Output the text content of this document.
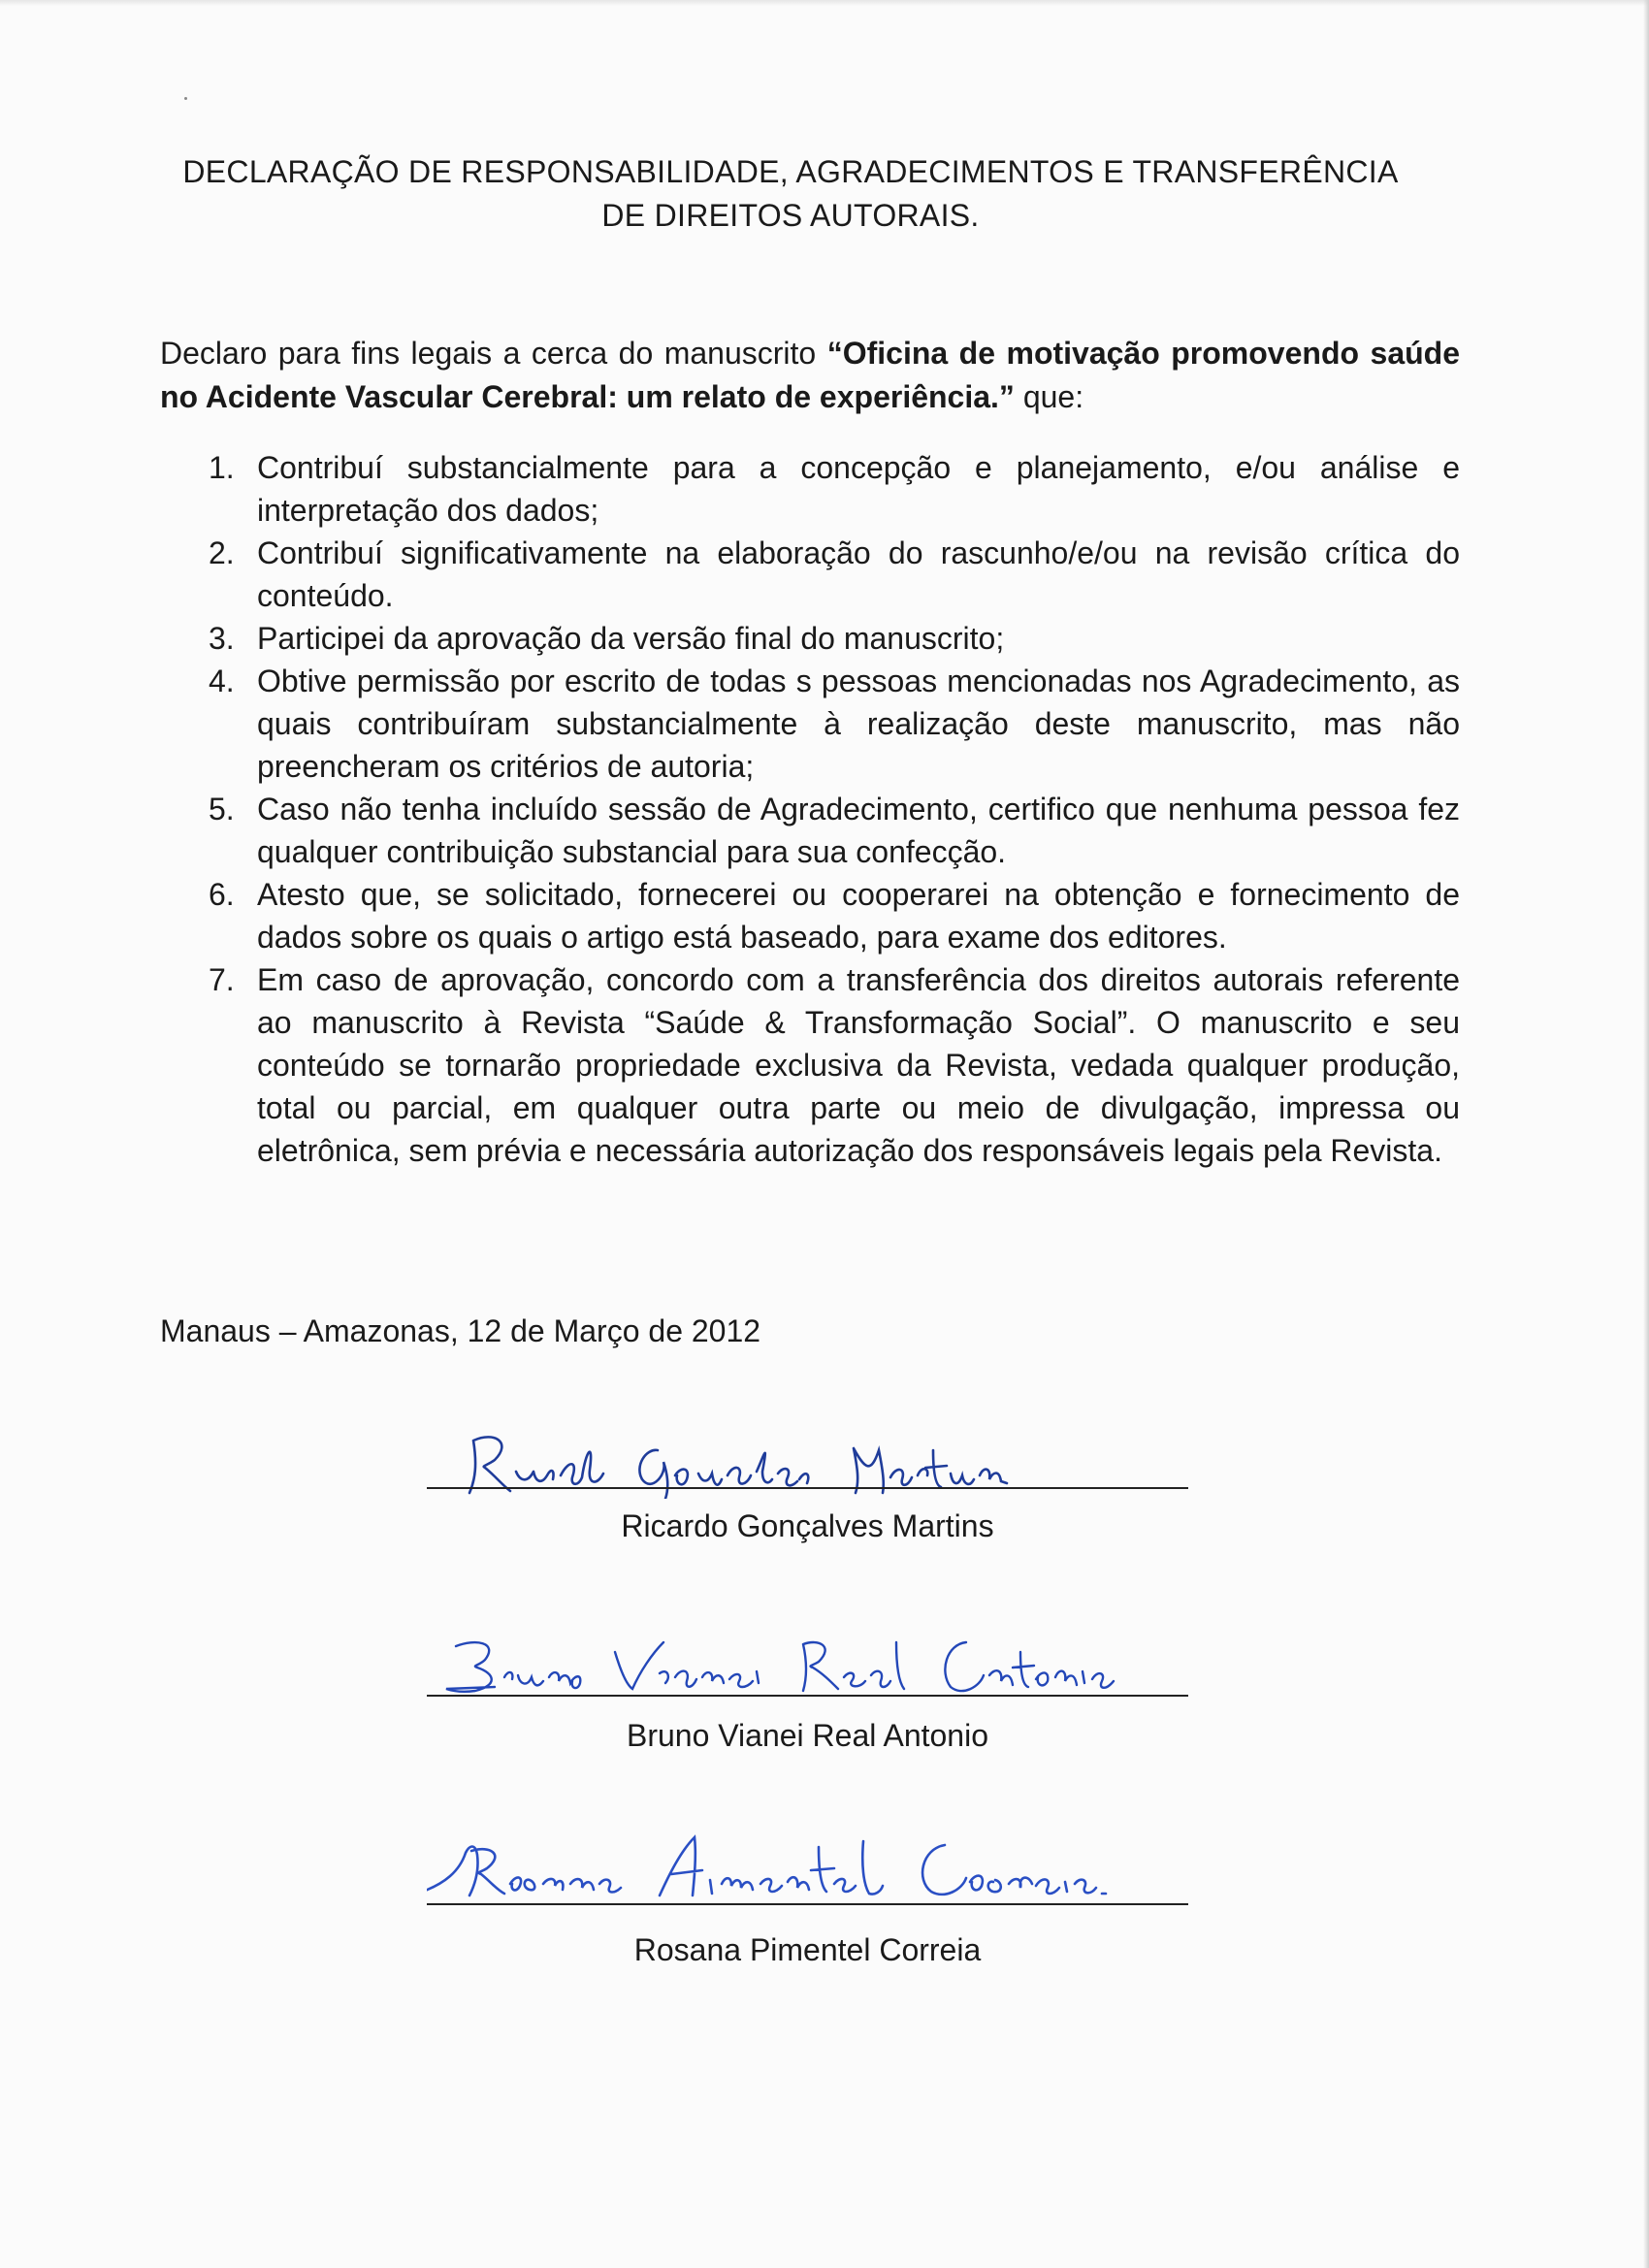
DECLARAÇÃO DE RESPONSABILIDADE, AGRADECIMENTOS E TRANSFERÊNCIA
DE DIREITOS AUTORAIS.
Declaro para fins legais a cerca do manuscrito “Oficina de motivação promovendo saúde no Acidente Vascular Cerebral: um relato de experiência.” que:
1. Contribuí substancialmente para a concepção e planejamento, e/ou análise e interpretação dos dados;
2. Contribuí significativamente na elaboração do rascunho/e/ou na revisão crítica do conteúdo.
3. Participei da aprovação da versão final do manuscrito;
4. Obtive permissão por escrito de todas s pessoas mencionadas nos Agradecimento, as quais contribuíram substancialmente à realização deste manuscrito, mas não preencheram os critérios de autoria;
5. Caso não tenha incluído sessão de Agradecimento, certifico que nenhuma pessoa fez qualquer contribuição substancial para sua confecção.
6. Atesto que, se solicitado, fornecerei ou cooperarei na obtenção e fornecimento de dados sobre os quais o artigo está baseado, para exame dos editores.
7. Em caso de aprovação, concordo com a transferência dos direitos autorais referente ao manuscrito à Revista “Saúde & Transformação Social”. O manuscrito e seu conteúdo se tornarão propriedade exclusiva da Revista, vedada qualquer produção, total ou parcial, em qualquer outra parte ou meio de divulgação, impressa ou eletrônica, sem prévia e necessária autorização dos responsáveis legais pela Revista.
Manaus – Amazonas, 12 de Março de 2012
Ricardo Gonçalves Martins
Bruno Vianei Real Antonio
Rosana Pimentel Correia
